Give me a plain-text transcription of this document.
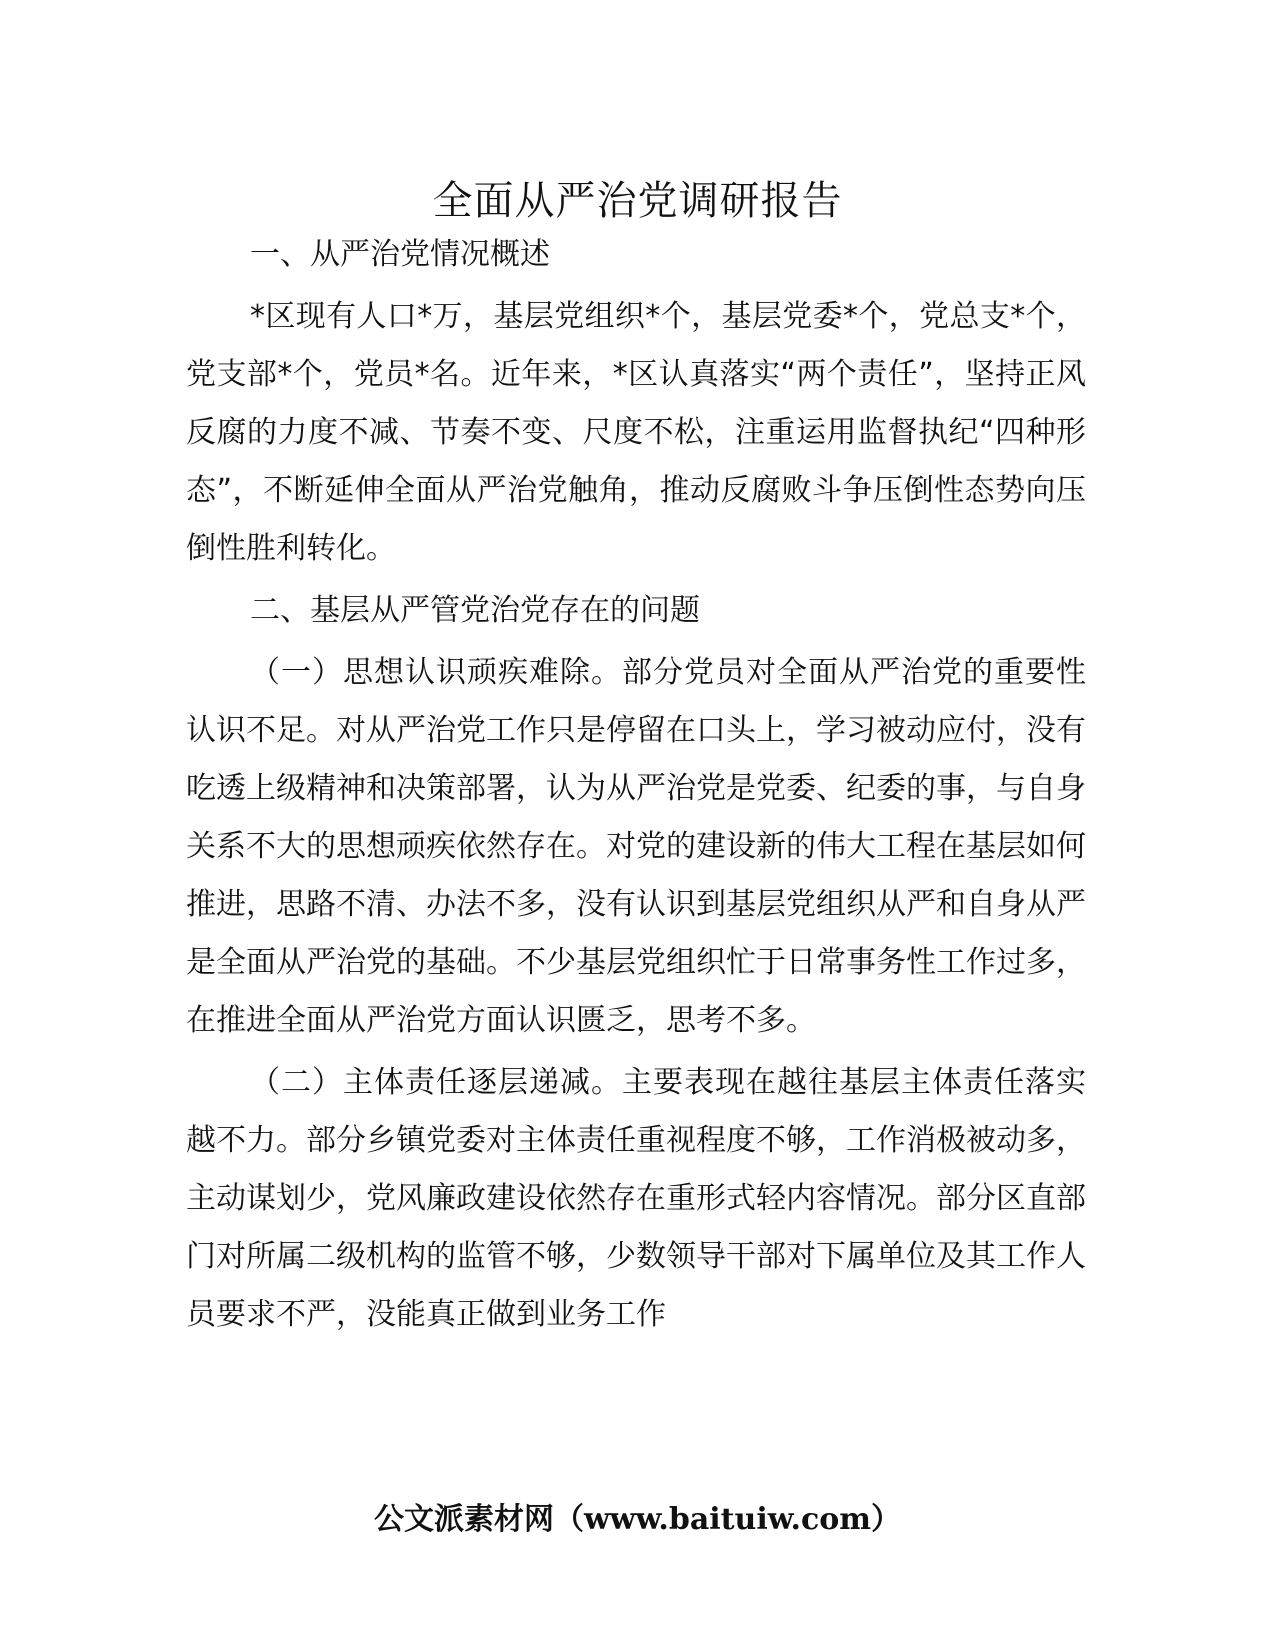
全面从严治党调研报告

一、从严治党情况概述

*区现有人口*万，基层党组织*个，基层党委*个，党总支*个，党支部*个，党员*名。近年来，*区认真落实“两个责任”，坚持正风反腐的力度不减、节奏不变、尺度不松，注重运用监督执纪“四种形态”，不断延伸全面从严治党触角，推动反腐败斗争压倒性态势向压倒性胜利转化。

二、基层从严管党治党存在的问题

（一）思想认识顽疾难除。部分党员对全面从严治党的重要性认识不足。对从严治党工作只是停留在口头上，学习被动应付，没有吃透上级精神和决策部署，认为从严治党是党委、纪委的事，与自身关系不大的思想顽疾依然存在。对党的建设新的伟大工程在基层如何推进，思路不清、办法不多，没有认识到基层党组织从严和自身从严是全面从严治党的基础。不少基层党组织忙于日常事务性工作过多，在推进全面从严治党方面认识匮乏，思考不多。

（二）主体责任逐层递减。主要表现在越往基层主体责任落实越不力。部分乡镇党委对主体责任重视程度不够，工作消极被动多，主动谋划少，党风廉政建设依然存在重形式轻内容情况。部分区直部门对所属二级机构的监管不够，少数领导干部对下属单位及其工作人员要求不严，没能真正做到业务工作

公文派素材网（www.baituiw.com）
